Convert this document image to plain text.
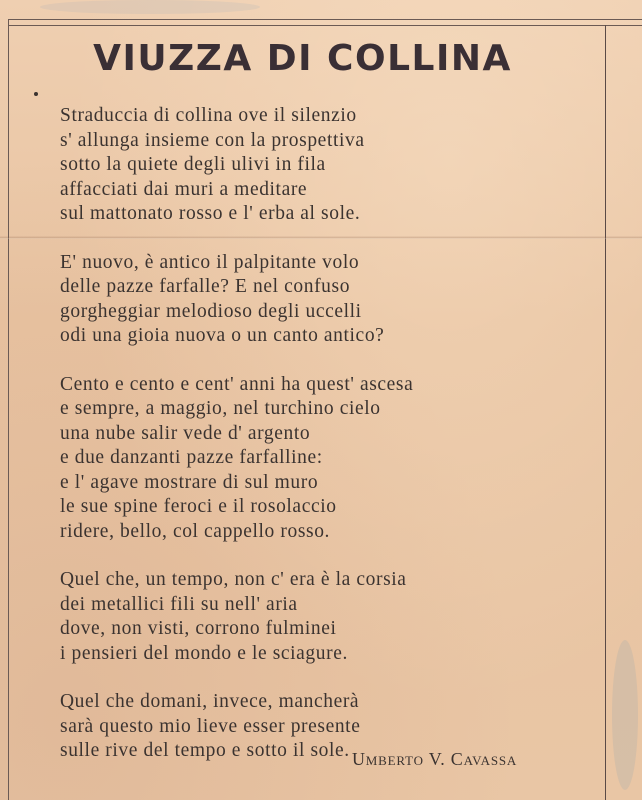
VIUZZA DI COLLINA
Straduccia di collina ove il silenzio
s' allunga insieme con la prospettiva
sotto la quiete degli ulivi in fila
affacciati dai muri a meditare
sul mattonato rosso e l' erba al sole.
E' nuovo, è antico il palpitante volo
delle pazze farfalle? E nel confuso
gorgheggiar melodioso degli uccelli
odi una gioia nuova o un canto antico?
Cento e cento e cent' anni ha quest' ascesa
e sempre, a maggio, nel turchino cielo
una nube salir vede d' argento
e due danzanti pazze farfalline:
e l' agave mostrare di sul muro
le sue spine feroci e il rosolaccio
ridere, bello, col cappello rosso.
Quel che, un tempo, non c' era è la corsia
dei metallici fili su nell' aria
dove, non visti, corrono fulminei
i pensieri del mondo e le sciagure.
Quel che domani, invece, mancherà
sarà questo mio lieve esser presente
sulle rive del tempo e sotto il sole. Umberto V. Cavassa
